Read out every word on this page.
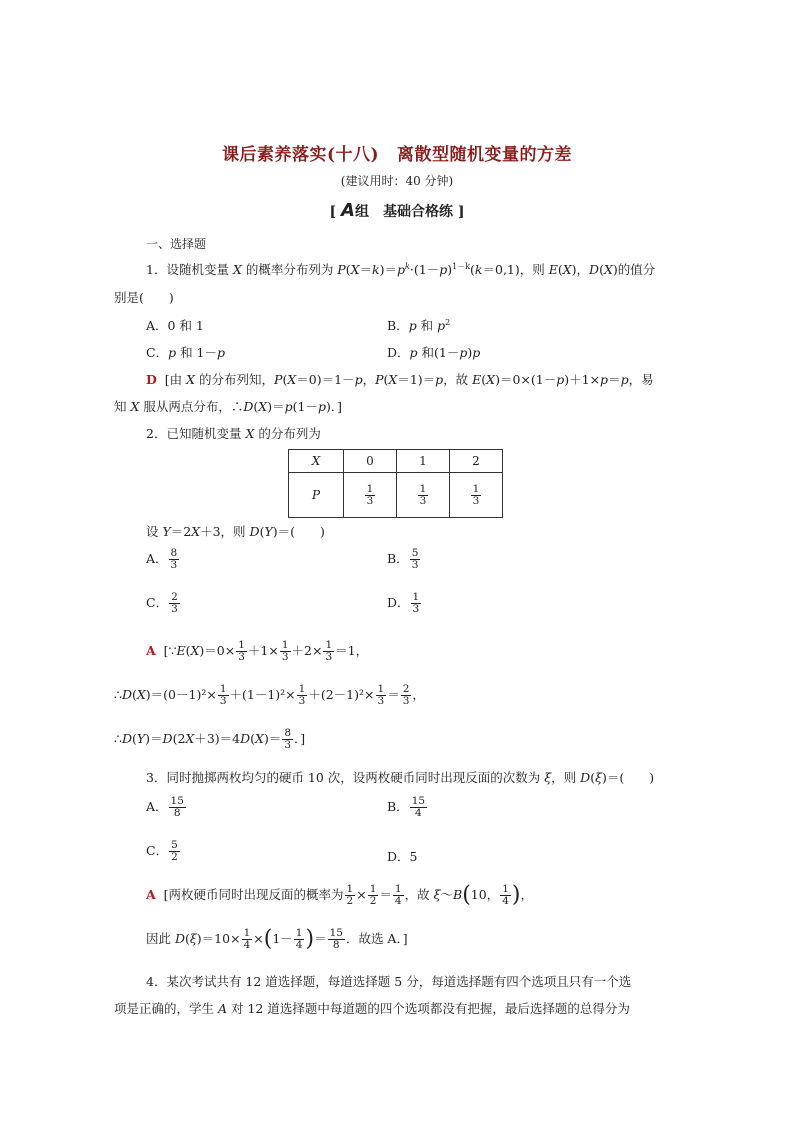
课后素养落实(十八) 离散型随机变量的方差
(建议用时：40 分钟)
[ A组　基础合格练 ]
一、选择题
1．设随机变量 X 的概率分布列为 $P(X=k)=p^k\cdot(1-p)^{1-k}(k=0,1)$，则 E(X)，D(X)的值分
别是(　　)
A．0 和 1	B．p 和 $p^2$
C．p 和 1－p	D．p 和(1－p)p
D [由 X 的分布列知，P(X＝0)＝1－p，P(X＝1)＝p，故 E(X)＝0×(1－p)＋1×p＝p，易
知 X 服从两点分布，∴D(X)＝p(1－p)．]
2．已知随机变量 X 的分布列为
X	0	1	2
P	$\frac{1}{3}$	$\frac{1}{3}$	$\frac{1}{3}$
设 Y＝2X＋3，则 D(Y)＝(　　)
A． $\frac{8}{3}$	B． $\frac{5}{3}$
C． $\frac{2}{3}$	D． $\frac{1}{3}$
A [∵E(X)＝0× $\frac{1}{3} +1\times \frac{1}{3} +2\times \frac{1}{3} =1$，
∴D(X)＝(0－1)²× $\frac{1}{3} +(1-1)^2\times \frac{1}{3} +(2-1)^2\times \frac{1}{3} = \frac{2}{3}$ ，
∴D(Y)＝D(2X＋3)＝4D(X)＝ $\frac{8}{3}$ ．]
3．同时抛掷两枚均匀的硬币 10 次，设两枚硬币同时出现反面的次数为 ξ，则 D(ξ)＝(　　)
A． $\frac{15}{8}$	B． $\frac{15}{4}$
C． $\frac{5}{2}$	D．5
A [两枚硬币同时出现反面的概率为 $\frac{1}{2} \times \frac{1}{2} = \frac{1}{4}$ ，故 ξ～B(10， $\frac{1}{4}$ )，
因此 $D(\xi)=10\times \frac{1}{4} \times(1- \frac{1}{4}$ )＝ $\frac{15}{8}$ ．故选 A．]
4．某次考试共有 12 道选择题，每道选择题 5 分，每道选择题有四个选项且只有一个选
项是正确的，学生 A 对 12 道选择题中每道题的四个选项都没有把握，最后选择题的总得分为
